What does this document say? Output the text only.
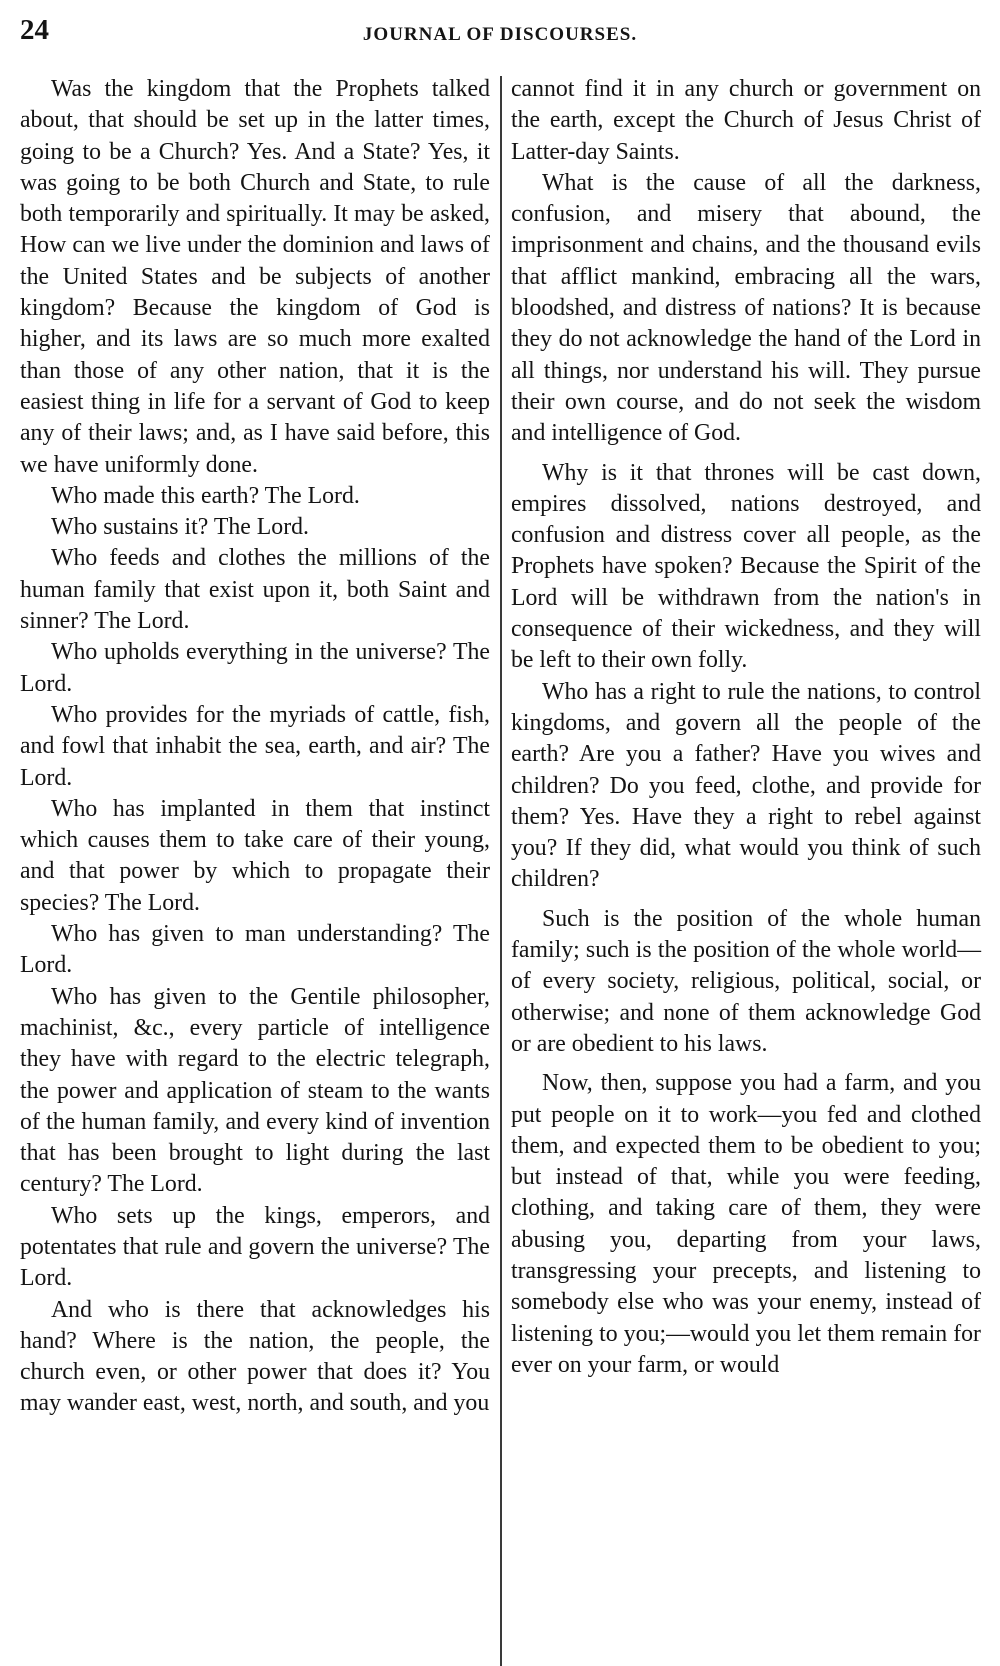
24	JOURNAL OF DISCOURSES.

Was the kingdom that the Prophets talked about, that should be set up in the latter times, going to be a Church? Yes. And a State? Yes, it was going to be both Church and State, to rule both temporarily and spiritually. It may be asked, How can we live under the dominion and laws of the United States and be subjects of another kingdom? Because the kingdom of God is higher, and its laws are so much more exalted than those of any other nation, that it is the easiest thing in life for a servant of God to keep any of their laws; and, as I have said before, this we have uniformly done.

Who made this earth? The Lord.

Who sustains it? The Lord.

Who feeds and clothes the millions of the human family that exist upon it, both Saint and sinner? The Lord.

Who upholds everything in the universe? The Lord.

Who provides for the myriads of cattle, fish, and fowl that inhabit the sea, earth, and air? The Lord.

Who has implanted in them that instinct which causes them to take care of their young, and that power by which to propagate their species? The Lord.

Who has given to man understanding? The Lord.

Who has given to the Gentile philosopher, machinist, &c., every particle of intelligence they have with regard to the electric telegraph, the power and application of steam to the wants of the human family, and every kind of invention that has been brought to light during the last century? The Lord.

Who sets up the kings, emperors, and potentates that rule and govern the universe? The Lord.

And who is there that acknowledges his hand? Where is the nation, the people, the church even, or other power that does it? You may wander east, west, north, and south, and you

cannot find it in any church or government on the earth, except the Church of Jesus Christ of Latter-day Saints.

What is the cause of all the darkness, confusion, and misery that abound, the imprisonment and chains, and the thousand evils that afflict mankind, embracing all the wars, bloodshed, and distress of nations? It is because they do not acknowledge the hand of the Lord in all things, nor understand his will. They pursue their own course, and do not seek the wisdom and intelligence of God.

Why is it that thrones will be cast down, empires dissolved, nations destroyed, and confusion and distress cover all people, as the Prophets have spoken? Because the Spirit of the Lord will be withdrawn from the nation's in consequence of their wickedness, and they will be left to their own folly.

Who has a right to rule the nations, to control kingdoms, and govern all the people of the earth? Are you a father? Have you wives and children? Do you feed, clothe, and provide for them? Yes. Have they a right to rebel against you? If they did, what would you think of such children?

Such is the position of the whole human family; such is the position of the whole world—of every society, religious, political, social, or otherwise; and none of them acknowledge God or are obedient to his laws.

Now, then, suppose you had a farm, and you put people on it to work—you fed and clothed them, and expected them to be obedient to you; but instead of that, while you were feeding, clothing, and taking care of them, they were abusing you, departing from your laws, transgressing your precepts, and listening to somebody else who was your enemy, instead of listening to you;—would you let them remain for ever on your farm, or would
